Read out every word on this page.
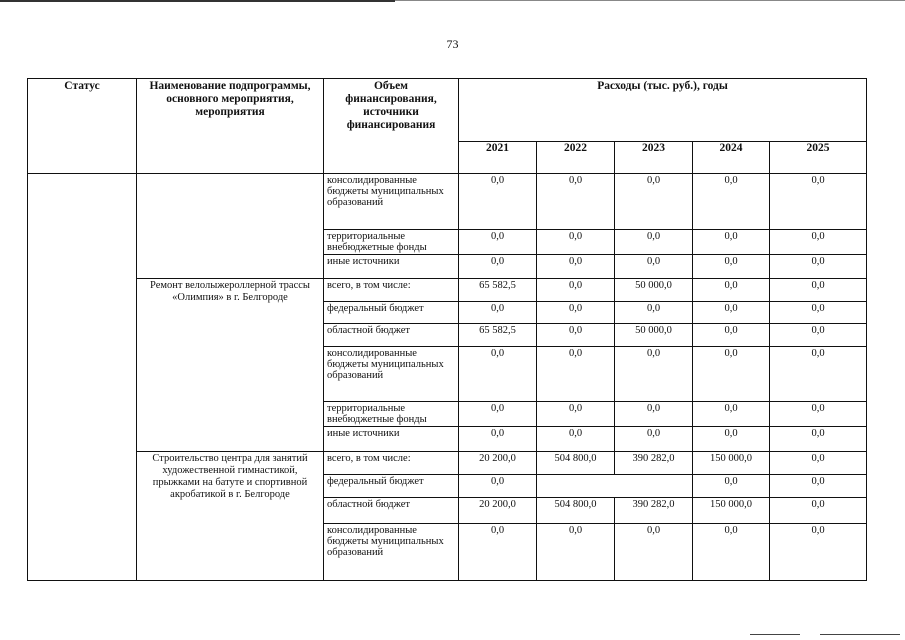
73
Статус	Наименование подпрограммы, основного мероприятия, мероприятия	Объем финансирования, источники финансирования	Расходы (тыс. руб.), годы				
			2021	2022	2023	2024	2025
		консолидированные бюджеты муниципальных образований	0,0	0,0	0,0	0,0	0,0
		территориальные внебюджетные фонды	0,0	0,0	0,0	0,0	0,0
		иные источники	0,0	0,0	0,0	0,0	0,0
	Ремонт велолыжероллерной трассы «Олимпия» в г. Белгороде	всего, в том числе:	65 582,5	0,0	50 000,0	0,0	0,0
		федеральный бюджет	0,0	0,0	0,0	0,0	0,0
		областной бюджет	65 582,5	0,0	50 000,0	0,0	0,0
		консолидированные бюджеты муниципальных образований	0,0	0,0	0,0	0,0	0,0
		территориальные внебюджетные фонды	0,0	0,0	0,0	0,0	0,0
		иные источники	0,0	0,0	0,0	0,0	0,0
	Строительство центра для занятий художественной гимнастикой, прыжками на батуте и спортивной акробатикой в г. Белгороде	всего, в том числе:	20 200,0	504 800,0	390 282,0	150 000,0	0,0
		федеральный бюджет	0,0			0,0	0,0
		областной бюджет	20 200,0	504 800,0	390 282,0	150 000,0	0,0
		консолидированные бюджеты муниципальных образований	0,0	0,0	0,0	0,0	0,0
